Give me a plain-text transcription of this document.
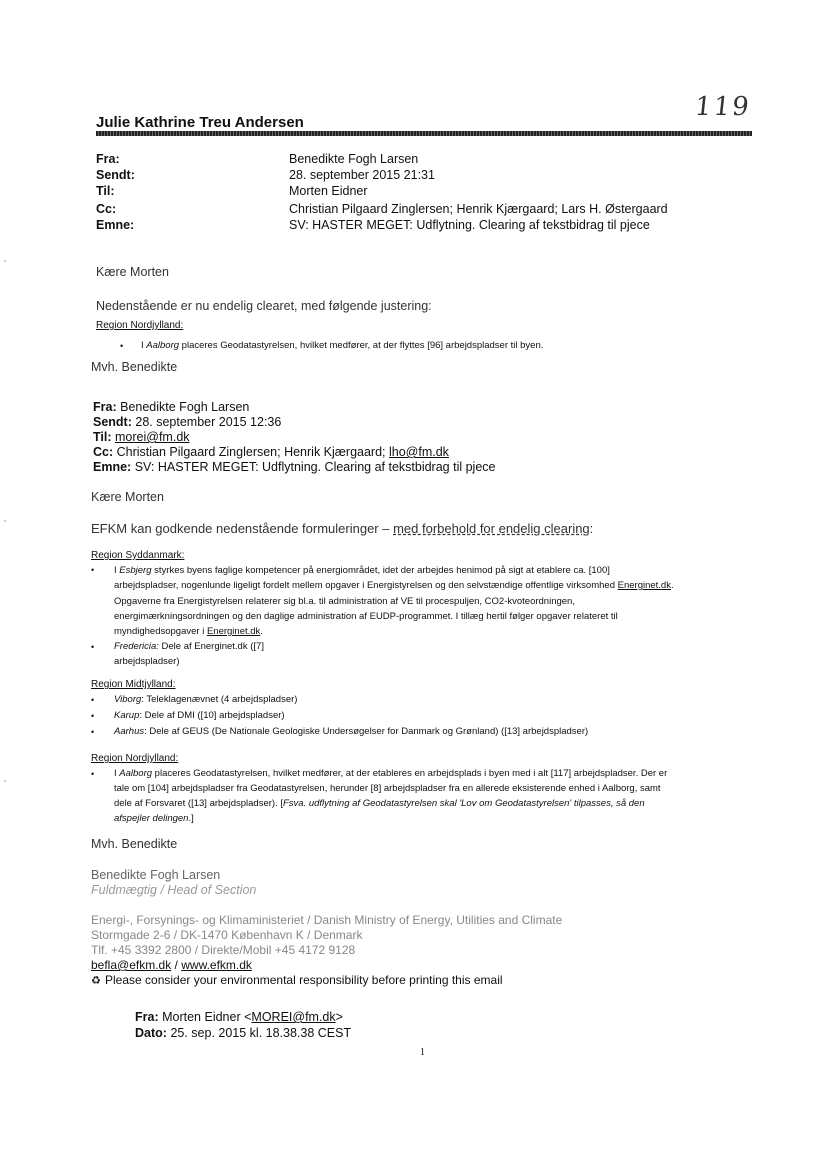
119
Julie Kathrine Treu Andersen
Fra:	Benedikte Fogh Larsen
Sendt:	28. september 2015 21:31
Til:	Morten Eidner
Cc:	Christian Pilgaard Zinglersen; Henrik Kjærgaard; Lars H. Østergaard
Emne:	SV: HASTER MEGET: Udflytning. Clearing af tekstbidrag til pjece
Kære Morten
Nedenstående er nu endelig clearet, med følgende justering:
Region Nordjylland:
• I Aalborg placeres Geodatastyrelsen, hvilket medfører, at der flyttes [96] arbejdspladser til byen.
Mvh. Benedikte
Fra: Benedikte Fogh Larsen
Sendt: 28. september 2015 12:36
Til: morei@fm.dk
Cc: Christian Pilgaard Zinglersen; Henrik Kjærgaard; lho@fm.dk
Emne: SV: HASTER MEGET: Udflytning. Clearing af tekstbidrag til pjece
Kære Morten
EFKM kan godkende nedenstående formuleringer – med forbehold for endelig clearing:
Region Syddanmark:
• I Esbjerg styrkes byens faglige kompetencer på energiområdet, idet der arbejdes henimod på sigt at etablere ca. [100]
arbejdspladser, nogenlunde ligeligt fordelt mellem opgaver i Energistyrelsen og den selvstændige offentlige virksomhed Energinet.dk.
Opgaverne fra Energistyrelsen relaterer sig bl.a. til administration af VE til procespuljen, CO2-kvoteordningen,
energimærkningsordningen og den daglige administration af EUDP-programmet. I tillæg hertil følger opgaver relateret til
myndighedsopgaver i Energinet.dk.
• Fredericia: Dele af Energinet.dk ([7]
arbejdspladser)
Region Midtjylland:
• Viborg: Teleklagenævnet (4 arbejdspladser)
• Karup: Dele af DMI ([10] arbejdspladser)
• Aarhus: Dele af GEUS (De Nationale Geologiske Undersøgelser for Danmark og Grønland) ([13] arbejdspladser)
Region Nordjylland:
• I Aalborg placeres Geodatastyrelsen, hvilket medfører, at der etableres en arbejdsplads i byen med i alt [117] arbejdspladser. Der er
tale om [104] arbejdspladser fra Geodatastyrelsen, herunder [8] arbejdspladser fra en allerede eksisterende enhed i Aalborg, samt
dele af Forsvaret ([13] arbejdspladser). [Fsva. udflytning af Geodatastyrelsen skal 'Lov om Geodatastyrelsen' tilpasses, så den
afspejler delingen.]
Mvh. Benedikte
Benedikte Fogh Larsen
Fuldmægtig / Head of Section
Energi-, Forsynings- og Klimaministeriet / Danish Ministry of Energy, Utilities and Climate
Stormgade 2-6 / DK-1470 København K / Denmark
Tlf. +45 3392 2800 / Direkte/Mobil +45 4172 9128
befla@efkm.dk / www.efkm.dk
♻ Please consider your environmental responsibility before printing this email
Fra: Morten Eidner <MOREI@fm.dk>
Dato: 25. sep. 2015 kl. 18.38.38 CEST
1
